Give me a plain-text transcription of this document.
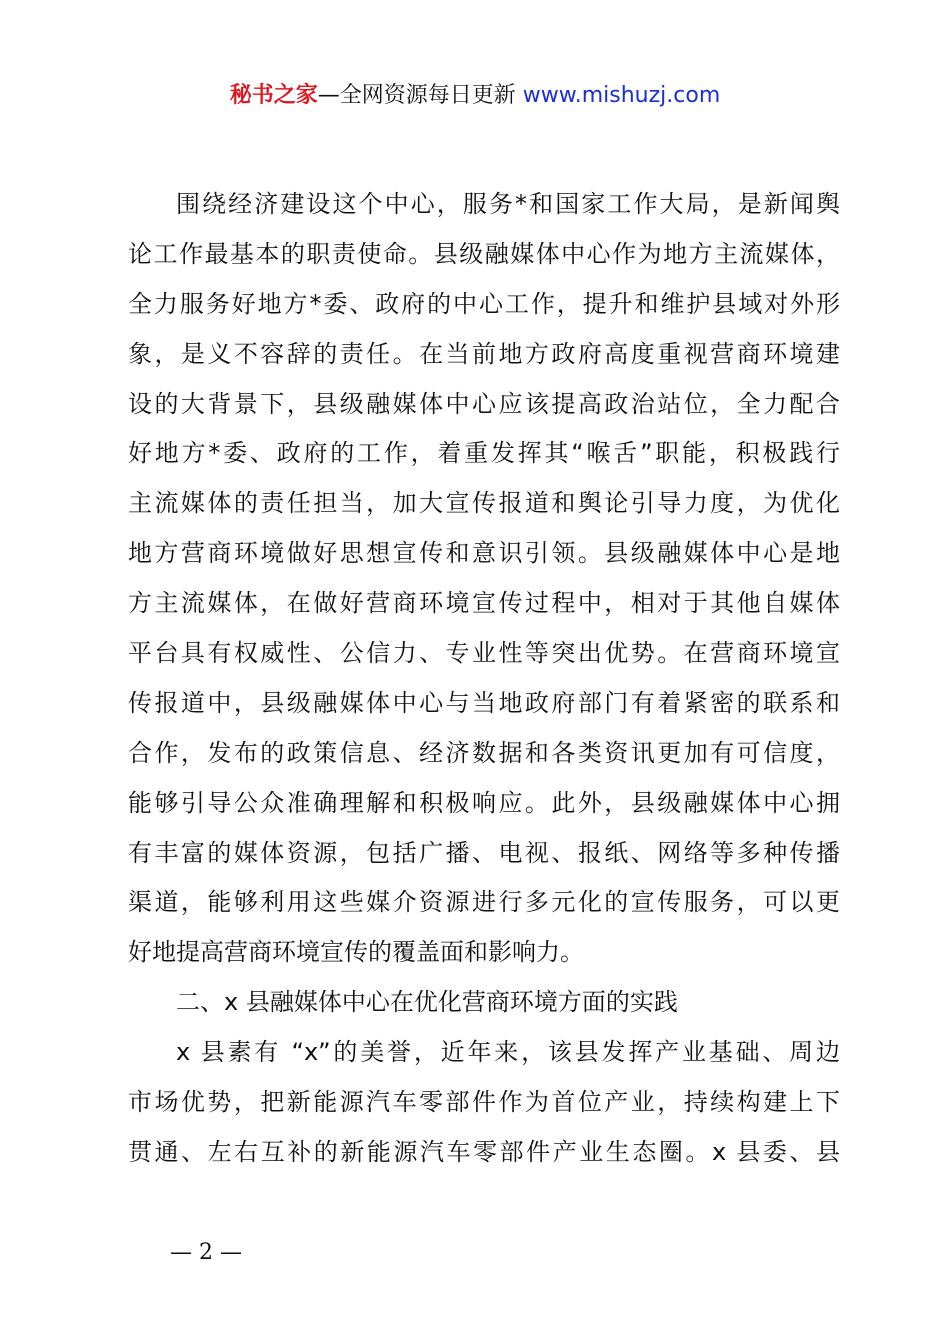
秘书之家—全网资源每日更新 www.mishuzj.com
围绕经济建设这个中心，服务*和国家工作大局，是新闻舆
论工作最基本的职责使命。县级融媒体中心作为地方主流媒体，
全力服务好地方*委、政府的中心工作，提升和维护县域对外形
象，是义不容辞的责任。在当前地方政府高度重视营商环境建
设的大背景下，县级融媒体中心应该提高政治站位，全力配合
好地方*委、政府的工作，着重发挥其“喉舌”职能，积极践行
主流媒体的责任担当，加大宣传报道和舆论引导力度，为优化
地方营商环境做好思想宣传和意识引领。县级融媒体中心是地
方主流媒体，在做好营商环境宣传过程中，相对于其他自媒体
平台具有权威性、公信力、专业性等突出优势。在营商环境宣
传报道中，县级融媒体中心与当地政府部门有着紧密的联系和
合作，发布的政策信息、经济数据和各类资讯更加有可信度，
能够引导公众准确理解和积极响应。此外，县级融媒体中心拥
有丰富的媒体资源，包括广播、电视、报纸、网络等多种传播
渠道，能够利用这些媒介资源进行多元化的宣传服务，可以更
好地提高营商环境宣传的覆盖面和影响力。
二、x 县融媒体中心在优化营商环境方面的实践
x 县素有 “x”的美誉，近年来，该县发挥产业基础、周边
市场优势，把新能源汽车零部件作为首位产业，持续构建上下
贯通、左右互补的新能源汽车零部件产业生态圈。x 县委、县
— 2 —
